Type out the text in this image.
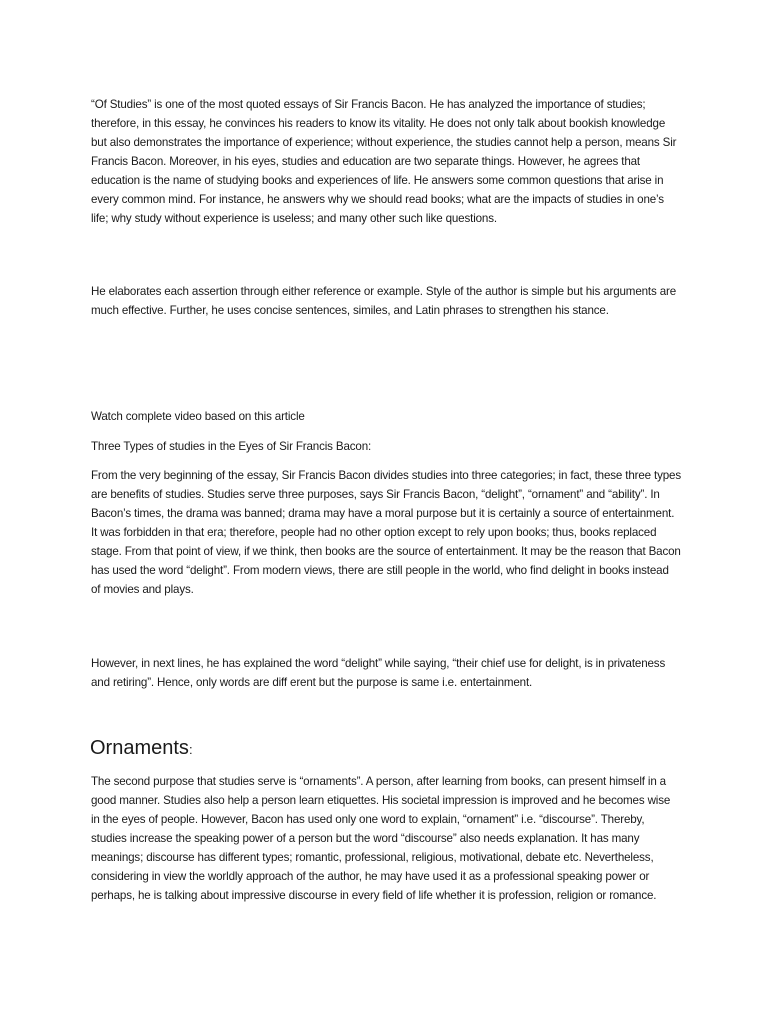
“Of Studies” is one of the most quoted essays of Sir Francis Bacon. He has analyzed the importance of studies; therefore, in this essay, he convinces his readers to know its vitality. He does not only talk about bookish knowledge but also demonstrates the importance of experience; without experience, the studies cannot help a person, means Sir Francis Bacon. Moreover, in his eyes, studies and education are two separate things. However, he agrees that education is the name of studying books and experiences of life. He answers some common questions that arise in every common mind. For instance, he answers why we should read books; what are the impacts of studies in one’s life; why study without experience is useless; and many other such like questions.

He elaborates each assertion through either reference or example. Style of the author is simple but his arguments are much effective. Further, he uses concise sentences, similes, and Latin phrases to strengthen his stance.

Watch complete video based on this article

Three Types of studies in the Eyes of Sir Francis Bacon:

From the very beginning of the essay, Sir Francis Bacon divides studies into three categories; in fact, these three types are benefits of studies. Studies serve three purposes, says Sir Francis Bacon, “delight”, “ornament” and “ability”. In Bacon’s times, the drama was banned; drama may have a moral purpose but it is certainly a source of entertainment. It was forbidden in that era; therefore, people had no other option except to rely upon books; thus, books replaced stage. From that point of view, if we think, then books are the source of entertainment. It may be the reason that Bacon has used the word “delight”. From modern views, there are still people in the world, who find delight in books instead of movies and plays.

However, in next lines, he has explained the word “delight” while saying, “their chief use for delight, is in privateness and retiring”. Hence, only words are diff erent but the purpose is same i.e. entertainment.

Ornaments:

The second purpose that studies serve is “ornaments”. A person, after learning from books, can present himself in a good manner. Studies also help a person learn etiquettes. His societal impression is improved and he becomes wise in the eyes of people. However, Bacon has used only one word to explain, “ornament” i.e. “discourse”. Thereby, studies increase the speaking power of a person but the word “discourse” also needs explanation. It has many meanings; discourse has different types; romantic, professional, religious, motivational, debate etc. Nevertheless, considering in view the worldly approach of the author, he may have used it as a professional speaking power or perhaps, he is talking about impressive discourse in every field of life whether it is profession, religion or romance.
